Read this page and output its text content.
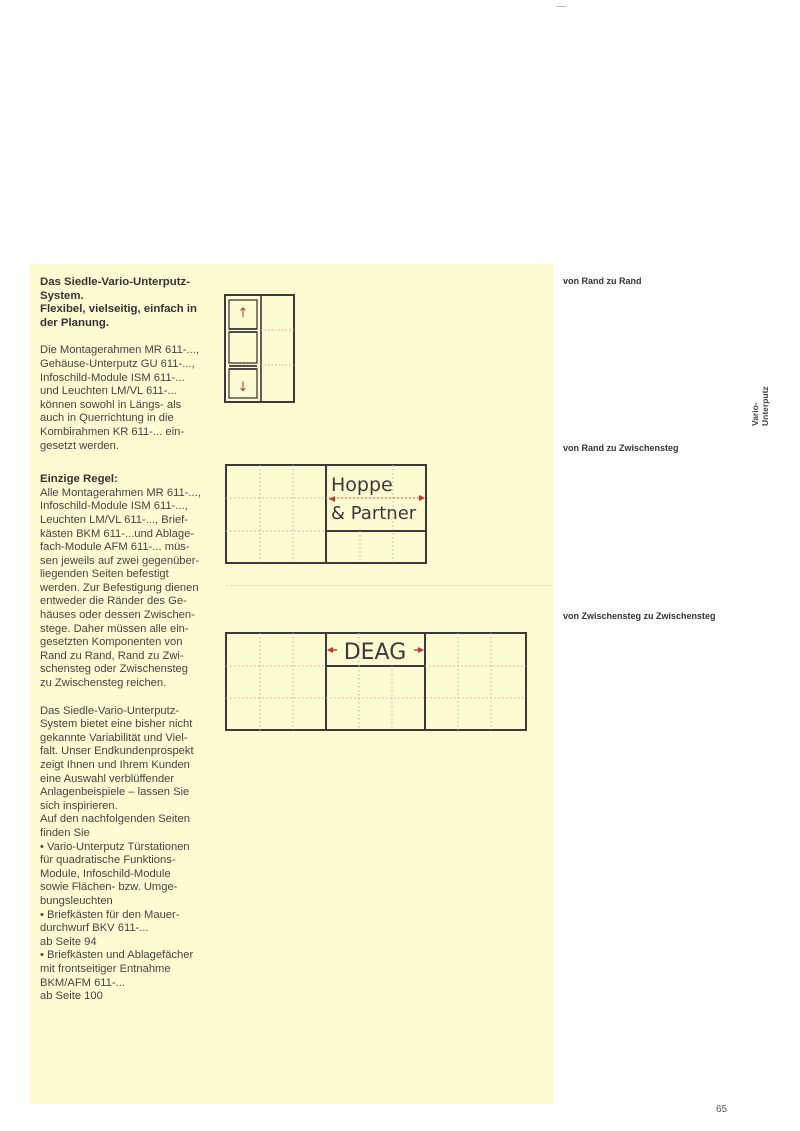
Das Siedle-Vario-Unterputz-

System.

Flexibel, vielseitig, einfach in

der Planung.

Die Montagerahmen MR 611-...,

Gehäuse-Unterputz GU 611-...,

Infoschild-Module ISM 611-...

und Leuchten LM/VL 611-...

können sowohl in Längs- als

auch in Querrichtung in die

Kombirahmen KR 611-... ein-

gesetzt werden.

Einzige Regel:

Alle Montagerahmen MR 611-...,

Infoschild-Module ISM 611-...,

Leuchten LM/VL 611-..., Brief-

kästen BKM 611-...und Ablage-

fach-Module AFM 611-... müs-

sen jeweils auf zwei gegenüber-

liegenden Seiten befestigt

werden. Zur Befestigung dienen

entweder die Ränder des Ge-

häuses oder dessen Zwischen-

stege. Daher müssen alle ein-

gesetzten Komponenten von

Rand zu Rand, Rand zu Zwi-

schensteg oder Zwischensteg

zu Zwischensteg reichen.

Das Siedle-Vario-Unterputz-

System bietet eine bisher nicht

gekannte Variabilität und Viel-

falt. Unser Endkundenprospekt

zeigt Ihnen und Ihrem Kunden

eine Auswahl verblüffender

Anlagenbeispiele – lassen Sie

sich inspirieren.

Auf den nachfolgenden Seiten

finden Sie

• Vario-Unterputz Türstationen

für quadratische Funktions-

Module, Infoschild-Module

sowie Flächen- bzw. Umge-

bungsleuchten

• Briefkästen für den Mauer-

durchwurf BKV 611-...

ab Seite 94

• Briefkästen und Ablagefächer

mit frontseitiger Entnahme

BKM/AFM 611-...

ab Seite 100

↑
↓
Hoppe
& Partner
DEAG
von Rand zu Rand
von Rand zu Zwischensteg
von Zwischensteg zu Zwischensteg
Vario- Unterputz
65
